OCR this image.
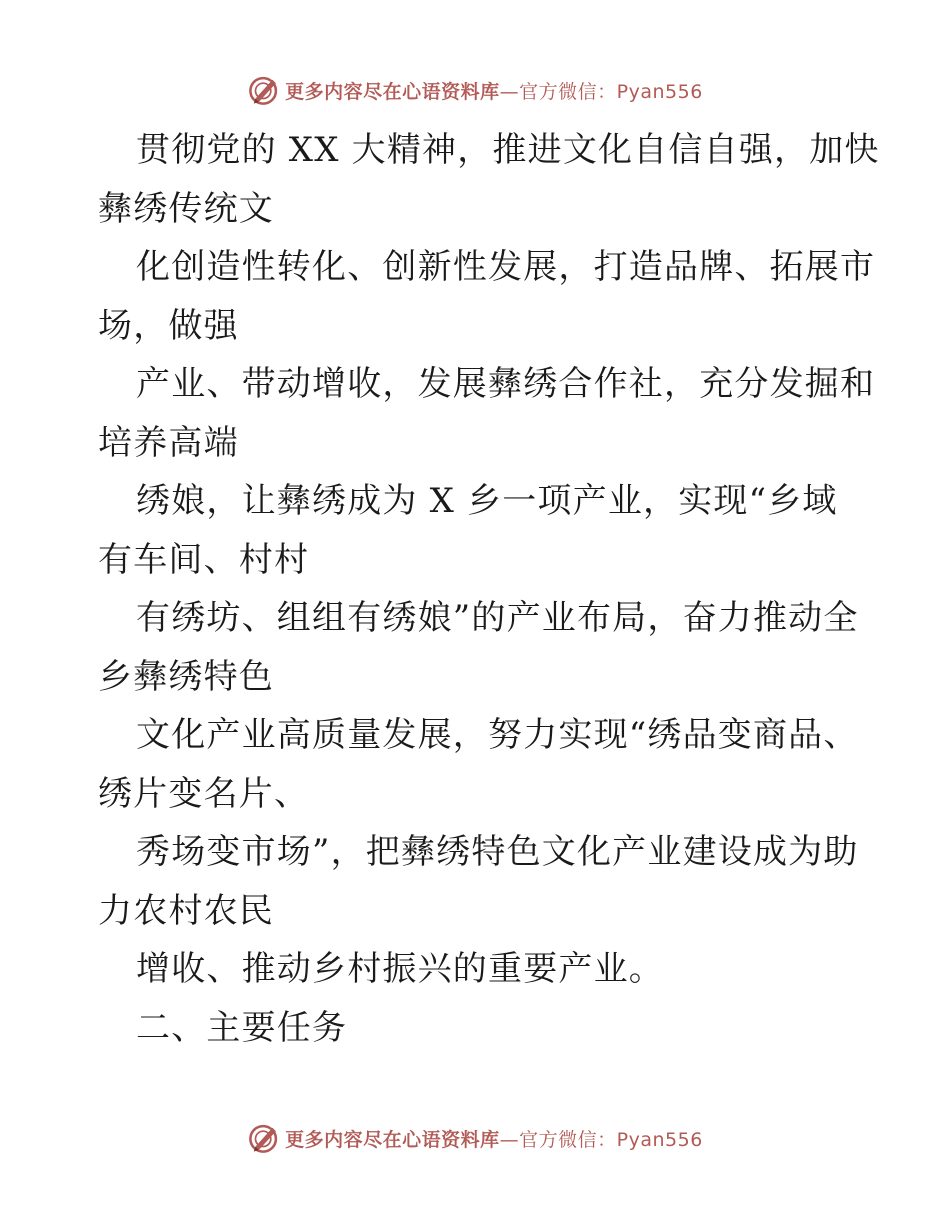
更多内容尽在心语资料库 —官方微信：Pyan556
贯彻党的 XX 大精神，推进文化自信自强，加快
彝绣传统文
化创造性转化、创新性发展，打造品牌、拓展市
场，做强
产业、带动增收，发展彝绣合作社，充分发掘和
培养高端
绣娘，让彝绣成为 X 乡一项产业，实现“乡域
有车间、村村
有绣坊、组组有绣娘”的产业布局，奋力推动全
乡彝绣特色
文化产业高质量发展，努力实现“绣品变商品、
绣片变名片、
秀场变市场”，把彝绣特色文化产业建设成为助
力农村农民
增收、推动乡村振兴的重要产业。
二、主要任务
更多内容尽在心语资料库 —官方微信：Pyan556
